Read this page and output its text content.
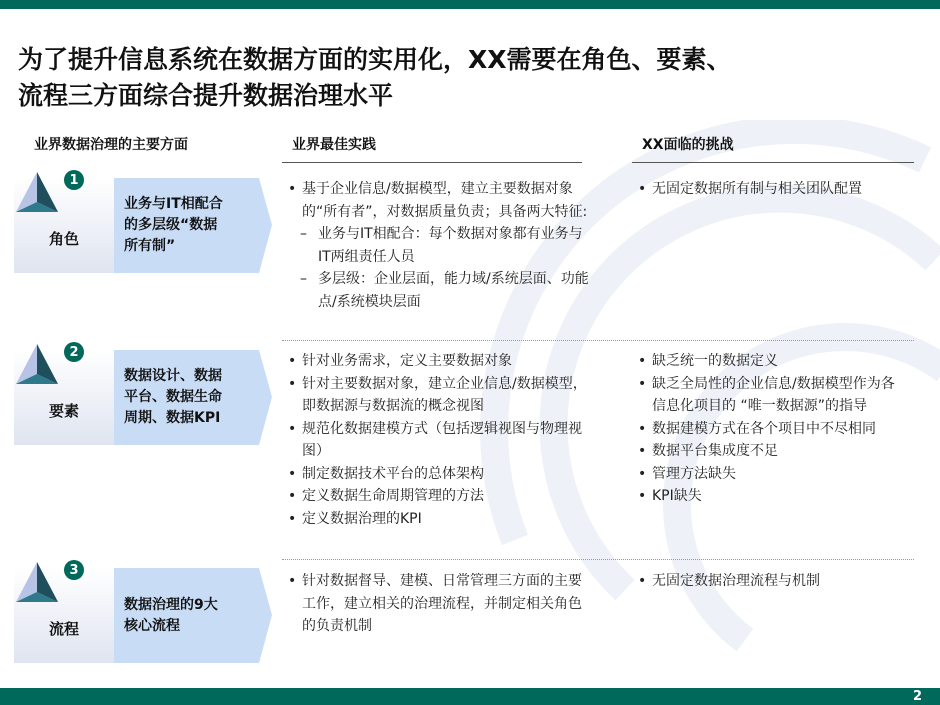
为了提升信息系统在数据方面的实用化，XX需要在角色、要素、
流程三方面综合提升数据治理水平
业界数据治理的主要方面	业界最佳实践	XX面临的挑战
角色
1
业务与IT相配合
的多层级“数据
所有制”
• 基于企业信息/数据模型，建立主要数据对象的“所有者”，对数据质量负责；具备两大特征:
– 业务与IT相配合：每个数据对象都有业务与IT两组责任人员
– 多层级：企业层面，能力域/系统层面、功能点/系统模块层面
• 无固定数据所有制与相关团队配置
要素
2
数据设计、数据
平台、数据生命
周期、数据KPI
• 针对业务需求，定义主要数据对象
• 针对主要数据对象，建立企业信息/数据模型，即数据源与数据流的概念视图
• 规范化数据建模方式（包括逻辑视图与物理视图）
• 制定数据技术平台的总体架构
• 定义数据生命周期管理的方法
• 定义数据治理的KPI
• 缺乏统一的数据定义
• 缺乏全局性的企业信息/数据模型作为各信息化项目的 “唯一数据源”的指导
• 数据建模方式在各个项目中不尽相同
• 数据平台集成度不足
• 管理方法缺失
• KPI缺失
流程
3
数据治理的9大
核心流程
• 针对数据督导、建模、日常管理三方面的主要工作，建立相关的治理流程，并制定相关角色的负责机制
• 无固定数据治理流程与机制
2
